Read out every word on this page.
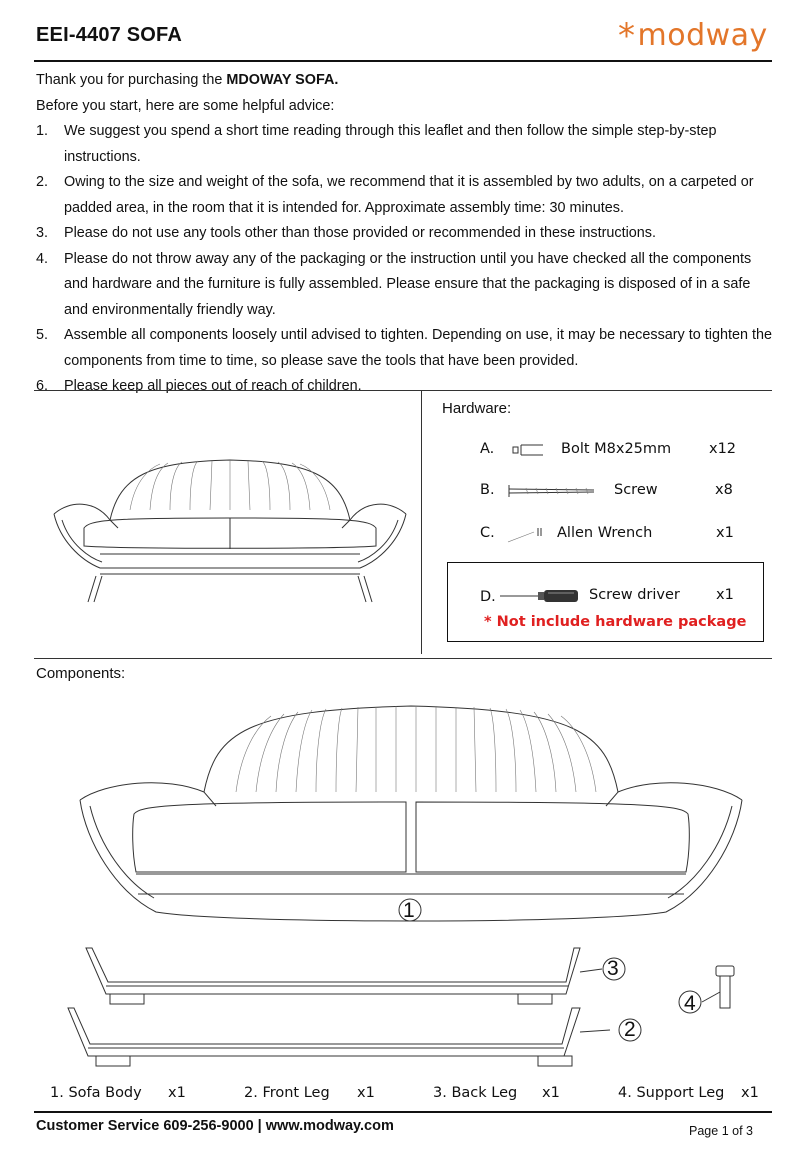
EEI-4407 SOFA	*modway

Thank you for purchasing the MDOWAY SOFA.

Before you start, here are some helpful advice:

1. We suggest you spend a short time reading through this leaflet and then follow the simple step-by-step instructions.
2. Owing to the size and weight of the sofa, we recommend that it is assembled by two adults, on a carpeted or padded area, in the room that it is intended for. Approximate assembly time: 30 minutes.
3. Please do not use any tools other than those provided or recommended in these instructions.
4. Please do not throw away any of the packaging or the instruction until you have checked all the components and hardware and the furniture is fully assembled. Please ensure that the packaging is disposed of in a safe and environmentally friendly way.
5. Assemble all components loosely until advised to tighten. Depending on use, it may be necessary to tighten the components from time to time, so please save the tools that have been provided.
6. Please keep all pieces out of reach of children.
Hardware:
A.	Bolt M8x25mm	x12
B.	Screw	x8
C.	Allen Wrench	x1
D.	Screw driver x1
* Not include hardware package
Components:
1
3
2
4
1. Sofa Body x1	2. Front Leg x1	3. Back Leg x1	4. Support Leg x1
Customer Service 609-256-9000 | www.modway.com	Page 1 of 3
